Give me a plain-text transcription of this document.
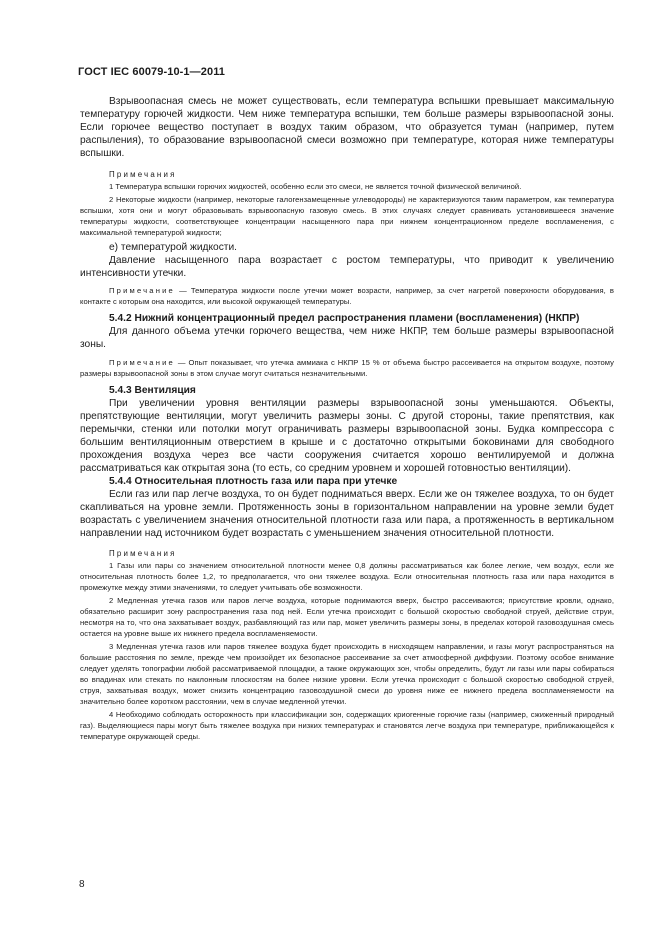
ГОСТ IEC 60079-10-1—2011

Взрывоопасная смесь не может существовать, если температура вспышки превышает максимальную температуру горючей жидкости. Чем ниже температура вспышки, тем больше размеры взрывоопасной зоны. Если горючее вещество поступает в воздух таким образом, что образуется туман (например, путем распыления), то образование взрывоопасной смеси возможно при температуре, которая ниже температуры вспышки.

Примечания

1 Температура вспышки горючих жидкостей, особенно если это смеси, не является точной физической величиной.

2 Некоторые жидкости (например, некоторые галогензамещенные углеводороды) не характеризуются таким параметром, как температура вспышки, хотя они и могут образовывать взрывоопасную газовую смесь. В этих случаях следует сравнивать установившееся значение температуры жидкости, соответствующее концентрации насыщенного пара при нижнем концентрационном пределе воспламенения, с максимальной температурой жидкости;

е) температурой жидкости.

Давление насыщенного пара возрастает с ростом температуры, что приводит к увеличению интенсивности утечки.

Примечание — Температура жидкости после утечки может возрасти, например, за счет нагретой поверхности оборудования, в контакте с которым она находится, или высокой окружающей температуры.

5.4.2 Нижний концентрационный предел распространения пламени (воспламенения) (НКПР)

Для данного объема утечки горючего вещества, чем ниже НКПР, тем больше размеры взрывоопасной зоны.

Примечание — Опыт показывает, что утечка аммиака с НКПР 15 % от объема быстро рассеивается на открытом воздухе, поэтому размеры взрывоопасной зоны в этом случае могут считаться незначительными.

5.4.3 Вентиляция

При увеличении уровня вентиляции размеры взрывоопасной зоны уменьшаются. Объекты, препятствующие вентиляции, могут увеличить размеры зоны. С другой стороны, такие препятствия, как перемычки, стенки или потолки могут ограничивать размеры взрывоопасной зоны. Будка компрессора с большим вентиляционным отверстием в крыше и с достаточно открытыми боковинами для свободного прохождения воздуха через все части сооружения считается хорошо вентилируемой и должна рассматриваться как открытая зона (то есть, со средним уровнем и хорошей готовностью вентиляции).

5.4.4 Относительная плотность газа или пара при утечке

Если газ или пар легче воздуха, то он будет подниматься вверх. Если же он тяжелее воздуха, то он будет скапливаться на уровне земли. Протяженность зоны в горизонтальном направлении на уровне земли будет возрастать с увеличением значения относительной плотности газа или пара, а протяженность в вертикальном направлении над источником будет возрастать с уменьшением значения относительной плотности.

Примечания

1 Газы или пары со значением относительной плотности менее 0,8 должны рассматриваться как более легкие, чем воздух, если же относительная плотность более 1,2, то предполагается, что они тяжелее воздуха. Если относительная плотность газа или пара находится в промежутке между этими значениями, то следует учитывать обе возможности.

2 Медленная утечка газов или паров легче воздуха, которые поднимаются вверх, быстро рассеиваются; присутствие кровли, однако, обязательно расширит зону распространения газа под ней. Если утечка происходит с большой скоростью свободной струей, действие струи, несмотря на то, что она захватывает воздух, разбавляющий газ или пар, может увеличить размеры зоны, в пределах которой газовоздушная смесь остается на уровне выше их нижнего предела воспламеняемости.

3 Медленная утечка газов или паров тяжелее воздуха будет происходить в нисходящем направлении, и газы могут распространяться на большие расстояния по земле, прежде чем произойдет их безопасное рассеивание за счет атмосферной диффузии. Поэтому особое внимание следует уделять топографии любой рассматриваемой площадки, а также окружающих зон, чтобы определить, будут ли газы или пары собираться во впадинах или стекать по наклонным плоскостям на более низкие уровни. Если утечка происходит с большой скоростью свободной струей, струя, захватывая воздух, может снизить концентрацию газовоздушной смеси до уровня ниже ее нижнего предела воспламеняемости на значительно более коротком расстоянии, чем в случае медленной утечки.

4 Необходимо соблюдать осторожность при классификации зон, содержащих криогенные горючие газы (например, сжиженный природный газ). Выделяющиеся пары могут быть тяжелее воздуха при низких температурах и становятся легче воздуха при температуре, приближающейся к температуре окружающей среды.

8
